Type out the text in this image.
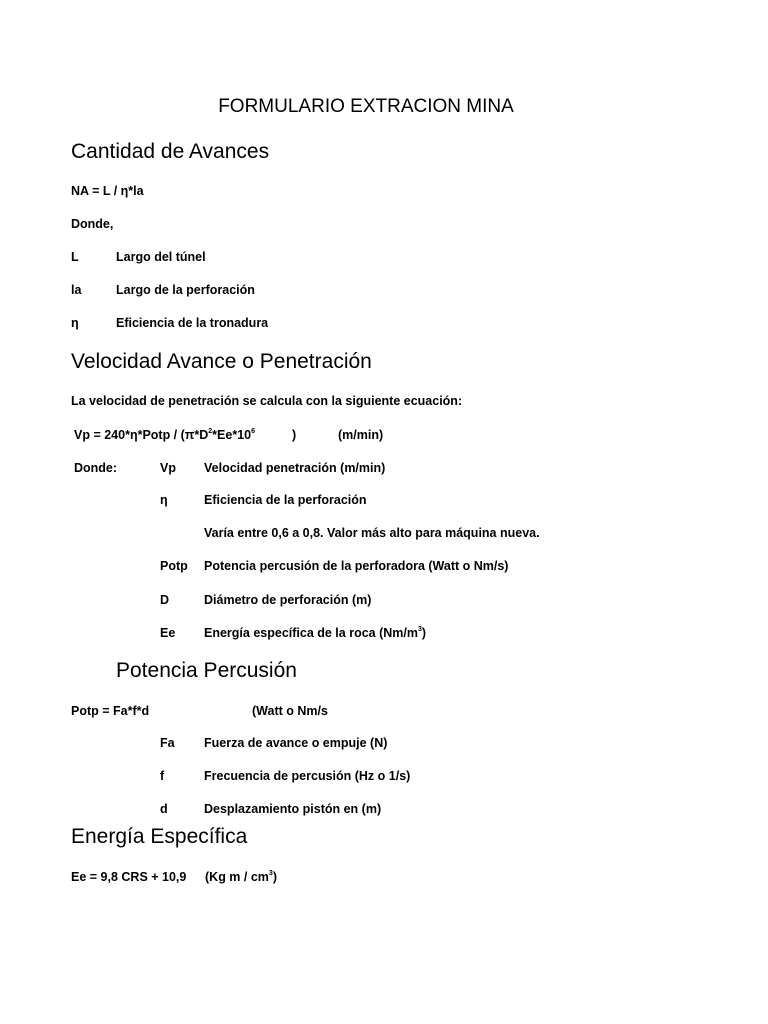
FORMULARIO EXTRACION MINA
Cantidad de Avances
NA = L / η*la
Donde,
L	Largo del túnel
la	Largo de la perforación
η	Eficiencia de la tronadura
Velocidad Avance o Penetración
La velocidad de penetración se calcula con la siguiente ecuación:
Vp = 240*η*Potp / ($\pi*D^2*Ee*10^6$	)	(m/min)
Donde:	Vp Velocidad penetración (m/min)
η	Eficiencia de la perforación
Varía entre 0,6 a 0,8. Valor más alto para máquina nueva.
Potp Potencia percusión de la perforadora (Watt o Nm/s)
D	Diámetro de perforación (m)
Ee Energía específica de la roca $(Nm/m^3)$
Potencia Percusión
Potp = Fa*f*d	(Watt o Nm/s
Fa Fuerza de avance o empuje (N)
f	Frecuencia de percusión (Hz o 1/s)
d	Desplazamiento pistón en (m)
Energía Específica
Ee = 9,8 CRS + 10,9 (Kg m / $cm^3$)
